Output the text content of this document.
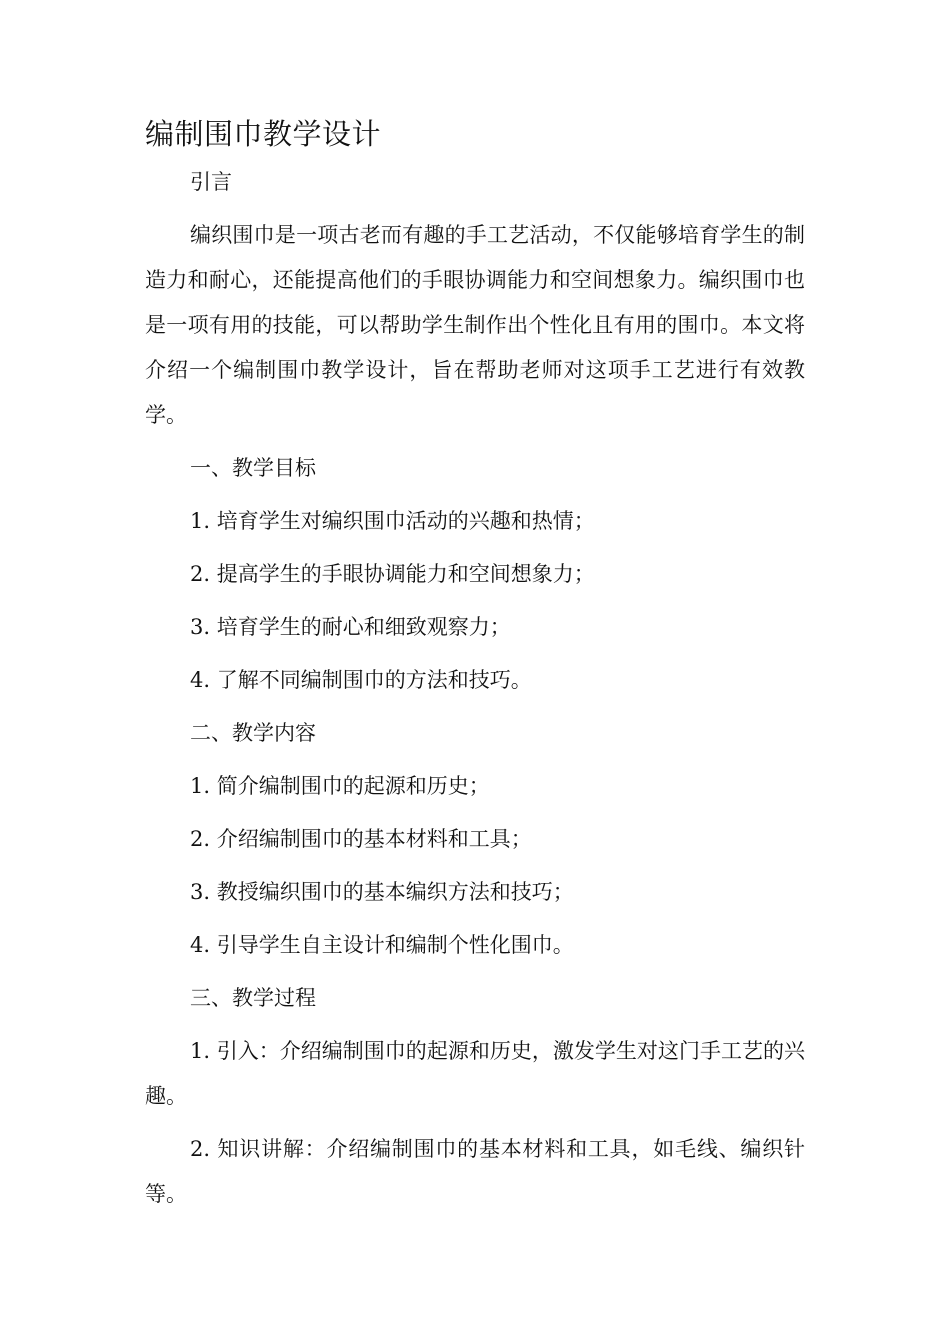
编制围巾教学设计
引言
编织围巾是一项古老而有趣的手工艺活动，不仅能够培育学生的制造力和耐心，还能提高他们的手眼协调能力和空间想象力。编织围巾也是一项有用的技能，可以帮助学生制作出个性化且有用的围巾。本文将介绍一个编制围巾教学设计，旨在帮助老师对这项手工艺进行有效教学。
一、教学目标
1. 培育学生对编织围巾活动的兴趣和热情；
2. 提高学生的手眼协调能力和空间想象力；
3. 培育学生的耐心和细致观察力；
4. 了解不同编制围巾的方法和技巧。
二、教学内容
1. 简介编制围巾的起源和历史；
2. 介绍编制围巾的基本材料和工具；
3. 教授编织围巾的基本编织方法和技巧；
4. 引导学生自主设计和编制个性化围巾。
三、教学过程
1. 引入：介绍编制围巾的起源和历史，激发学生对这门手工艺的兴趣。
2. 知识讲解：介绍编制围巾的基本材料和工具，如毛线、编织针等。
